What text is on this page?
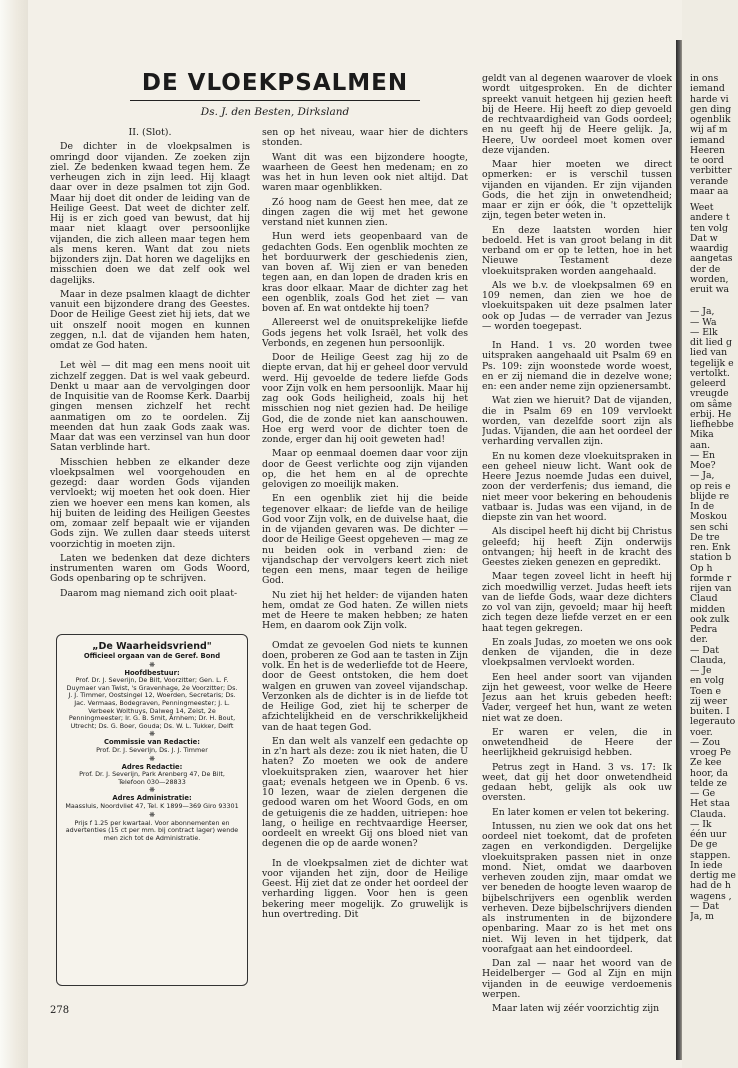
DE VLOEKPSALMEN

Ds. J. den Besten, Dirksland

II. (Slot).

De dichter in de vloekpsalmen is omringd door vijanden. Ze zoeken zijn ziel. Ze bedenken kwaad tegen hem. Ze verheugen zich in zijn leed. Hij klaagt daar over in deze psalmen tot zijn God. Maar hij doet dit onder de leiding van de Heilige Geest. Dat weet de dichter zelf. Hij is er zich goed van bewust, dat hij maar niet klaagt over persoonlijke vijanden, die zich alleen maar tegen hem als mens keren. Want dat zou niets bijzonders zijn. Dat horen we dagelijks en misschien doen we dat zelf ook wel dagelijks.

Maar in deze psalmen klaagt de dichter vanuit een bijzondere drang des Geestes. Door de Heilige Geest ziet hij iets, dat we uit onszelf nooit mogen en kunnen zeggen, n.l. dat de vijanden hem haten, omdat ze God haten.

Let wèl — dit mag een mens nooit uit zichzelf zeggen. Dat is wel vaak gebeurd. Denkt u maar aan de vervolgingen door de Inquisitie van de Roomse Kerk. Daarbij gingen mensen zichzelf het recht aanmatigen om zo te oordelen. Zij meenden dat hun zaak Gods zaak was. Maar dat was een verzinsel van hun door Satan verblinde hart.

Misschien hebben ze elkander deze vloekpsalmen wel voorgehouden en gezegd: daar worden Gods vijanden vervloekt; wij moeten het ook doen. Hier zien we hoever een mens kan komen, als hij buiten de leiding des Heiligen Geestes om, zomaar zelf bepaalt wie er vijanden Gods zijn. We zullen daar steeds uiterst voorzichtig in moeten zijn.

Laten we bedenken dat deze dichters instrumenten waren om Gods Woord, Gods openbaring op te schrijven.

Daarom mag niemand zich ooit plaat-

„De Waarheidsvriend"
Officieel orgaan van de Geref. Bond
❋
Hoofdbestuur:
Prof. Dr. J. Severijn, De Bilt, Voorzitter; Gen. L. F. Duymaer van Twist, 's Gravenhage, 2e Voorzitter; Ds. J. J. Timmer, Oostsingel 12, Woerden, Secretaris; Ds. Jac. Vermaas, Bodegraven, Penningmeester; J. L. Verbeek Wolthuys, Dalweg 14, Zeist, 2e Penningmeester; Ir. G. B. Smit, Arnhem; Dr. H. Bout, Utrecht; Ds. G. Boer, Gouda; Ds. W. L. Tukker, Delft
❋
Commissie van Redactie:
Prof. Dr. J. Severijn, Ds. J. J. Timmer
❋
Adres Redactie:
Prof. Dr. J. Severijn, Park Arenberg 47, De Bilt, Telefoon 030—28833
❋
Adres Administratie:
Maassluis, Noordvliet 47, Tel. K 1899—369 Giro 93301
❋
Prijs f 1.25 per kwartaal. Voor abonnementen en advertenties (15 ct per mm. bij contract lager) wende men zich tot de Administratie.

sen op het niveau, waar hier de dichters stonden.

Want dit was een bijzondere hoogte, waarheen de Geest hen medenam; en zo was het in hun leven ook niet altijd. Dat waren maar ogenblikken.

Zó hoog nam de Geest hen mee, dat ze dingen zagen die wij met het gewone verstand niet kunnen zien.

Hun werd iets geopenbaard van de gedachten Gods. Een ogenblik mochten ze het borduurwerk der geschiedenis zien, van boven af. Wij zien er van beneden tegen aan, en dan lopen de draden kris en kras door elkaar. Maar de dichter zag het een ogenblik, zoals God het ziet — van boven af. En wat ontdekte hij toen?

Allereerst wel de onuitsprekelijke liefde Gods jegens het volk Israël, het volk des Verbonds, en zegenen hun persoonlijk.

Door de Heilige Geest zag hij zo de diepte ervan, dat hij er geheel door vervuld werd. Hij gevoelde de tedere liefde Gods voor Zijn volk en hem persoonlijk. Maar hij zag ook Gods heiligheid, zoals hij het misschien nog niet gezien had. De heilige God, die de zonde niet kan aanschouwen. Hoe erg werd voor de dichter toen de zonde, erger dan hij ooit geweten had!

Maar op eenmaal doemen daar voor zijn door de Geest verlichte oog zijn vijanden op, die het hem en al de oprechte gelovigen zo moeilijk maken.

En een ogenblik ziet hij die beide tegenover elkaar: de liefde van de heilige God voor Zijn volk, en de duivelse haat, die in de vijanden gevaren was. De dichter — door de Heilige Geest opgeheven — mag ze nu beiden ook in verband zien: de vijandschap der vervolgers keert zich niet tegen een mens, maar tegen de heilige God.

Nu ziet hij het helder: de vijanden haten hem, omdat ze God haten. Ze willen niets met de Heere te maken hebben; ze haten Hem, en daarom ook Zijn volk.

Omdat ze gevoelen God niets te kunnen doen, proberen ze God aan te tasten in Zijn volk. En het is de wederliefde tot de Heere, door de Geest ontstoken, die hem doet walgen en gruwen van zoveel vijandschap. Verzonken als de dichter is in de liefde tot de Heilige God, ziet hij te scherper de afzichtelijkheid en de verschrikkelijkheid van de haat tegen God.

En dan welt als vanzelf een gedachte op in z'n hart als deze: zou ik niet haten, die U haten? Zo moeten we ook de andere vloekuitspraken zien, waarover het hier gaat; evenals hetgeen we in Openb. 6 vs. 10 lezen, waar de zielen dergenen die gedood waren om het Woord Gods, en om de getuigenis die ze hadden, uitriepen: hoe lang, o heilige en rechtvaardige Heerser, oordeelt en wreekt Gij ons bloed niet van degenen die op de aarde wonen?

In de vloekpsalmen ziet de dichter wat voor vijanden het zijn, door de Heilige Geest. Hij ziet dat ze onder het oordeel der verharding liggen. Voor hen is geen bekering meer mogelijk. Zo gruwelijk is hun overtreding. Dit

geldt van al degenen waarover de vloek wordt uitgesproken. En de dichter spreekt vanuit hetgeen hij gezien heeft bij de Heere. Hij heeft zo diep gevoeld de rechtvaardigheid van Gods oordeel; en nu geeft hij de Heere gelijk. Ja, Heere, Uw oordeel moet komen over deze vijanden.

Maar hier moeten we direct opmerken: er is verschil tussen vijanden en vijanden. Er zijn vijanden Gods, die het zijn in onwetendheid; maar er zijn er óók, die 't opzettelijk zijn, tegen beter weten in.

En deze laatsten worden hier bedoeld. Het is van groot belang in dit verband om er op te letten, hoe in het Nieuwe Testament deze vloekuitspraken worden aangehaald.

Als we b.v. de vloekpsalmen 69 en 109 nemen, dan zien we hoe de vloekuitspaken uit deze psalmen later ook op Judas — de verrader van Jezus — worden toegepast.

In Hand. 1 vs. 20 worden twee uitspraken aangehaald uit Psalm 69 en Ps. 109: zijn woonstede worde woest, en er zij niemand die in dezelve wone; en: een ander neme zijn opzienersambt.

Wat zien we hieruit? Dat de vijanden, die in Psalm 69 en 109 vervloekt worden, van dezelfde soort zijn als Judas. Vijanden, die aan het oordeel der verharding vervallen zijn.

En nu komen deze vloekuitspraken in een geheel nieuw licht. Want ook de Heere Jezus noemde Judas een duivel, zoon der verderfenis; dus iemand, die niet meer voor bekering en behoudenis vatbaar is. Judas was een vijand, in de diepste zin van het woord.

Als discipel heeft hij dicht bij Christus geleefd; hij heeft Zijn onderwijs ontvangen; hij heeft in de kracht des Geestes zieken genezen en gepredikt.

Maar tegen zoveel licht in heeft hij zich moedwillig verzet. Judas heeft iets van de liefde Gods, waar deze dichters zo vol van zijn, gevoeld; maar hij heeft zich tegen deze liefde verzet en er een haat tegen gekregen.

En zoals Judas, zo moeten we ons ook denken de vijanden, die in deze vloekpsalmen vervloekt worden.

Een heel ander soort van vijanden zijn het geweest, voor welke de Heere Jezus aan het kruis gebeden heeft: Vader, vergeef het hun, want ze weten niet wat ze doen.

Er waren er velen, die in onwetendheid de Heere der heerlijkheid gekruisigd hebben.

Petrus zegt in Hand. 3 vs. 17: Ik weet, dat gij het door onwetendheid gedaan hebt, gelijk als ook uw oversten.

En later komen er velen tot bekering.

Intussen, nu zien we ook dat ons het oordeel niet toekomt, dat de profeten zagen en verkondigden. Dergelijke vloekuitspraken passen niet in onze mond. Niet, omdat we daarboven verheven zouden zijn, maar omdat we ver beneden de hoogte leven waarop de bijbelschrijvers een ogenblik werden verheven. Deze bijbelschrijvers dienden als instrumenten in de bijzondere openbaring. Maar zo is het met ons niet. Wij leven in het tijdperk, dat voorafgaat aan het eindoordeel.

Dan zal — naar het woord van de Heidelberger — God al Zijn en mijn vijanden in de eeuwige verdoemenis werpen.

Maar laten wij zéér voorzichtig zijn

278
in ons
iemand
harde vi
gen ding
ogenblik
wij af m
iemand
Heeren
te oord
verbitter
verande
maar aa
Weet
andere t
ten volg
Dat w
waardig
aangetas
der de
worden,
eruit wa
— Ja,
— Wa
— Elk
dit lied g
lied van
tegelijk e
vertolkt.
geleerd
vreugde
om sâme
erbij. He
liefhebbe
Mika
aan.
— En
Moe?
— Ja,
op reis e
blijde re
In de
Moskou
sen schi
De tre
ren. Enk
station b
Op h
formde r
rijen van
Claud
midden
ook zulk
Pedra
der.
— Dat
Clauda,
— Je
en volg
Toen e
zij weer
buiten. I
legerauto
voer.
— Zou
vroeg Pe
Ze kee
hoor, da
telde ze
— Ge
Het staa
Clauda.
— Ik
één uur
De ge
stappen.
In iede
dertig me
had de h
wagens ,
— Dat
Ja, m
